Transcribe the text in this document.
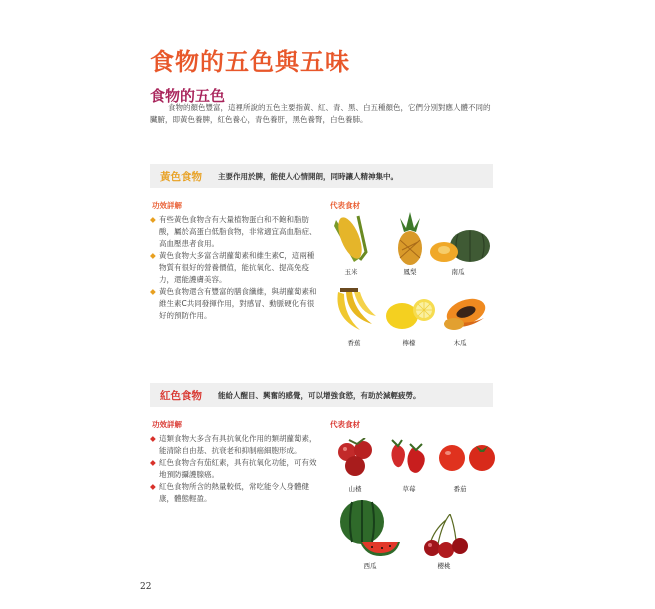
食物的五色與五味
食物的五色
食物的顏色豐富，這裡所說的五色主要指黃、紅、青、黑、白五種顏色，它們分別對應人體不同的臟腑，即黃色養脾，紅色養心，青色養肝，黑色養腎，白色養肺。
黃色食物 主要作用於脾，能使人心情開朗，同時讓人精神集中。
功效詳解	代表食材
◆ 有些黃色食物含有大量植物蛋白和不飽和脂肪酸，屬於高蛋白低脂食物，非常適宜高血脂症、高血壓患者食用。
◆ 黃色食物大多富含胡蘿蔔素和維生素C，這兩種物質有很好的營養價值，能抗氧化、提高免疫力，還能護膚美容。
◆ 黃色食物還含有豐富的膳食纖維，與胡蘿蔔素和維生素C共同發揮作用，對感冒、動脈硬化有很好的預防作用。
玉米	鳳梨	南瓜
香蕉	檸檬	木瓜
紅色食物 能給人醒目、興奮的感覺，可以增強食慾，有助於減輕疲勞。
功效詳解	代表食材
◆ 這類食物大多含有具抗氧化作用的類胡蘿蔔素，能清除自由基、抗衰老和抑制癌細胞形成。
◆ 紅色食物含有茄紅素，具有抗氧化功能，可有效地預防攝護腺癌。
◆ 紅色食物所含的熱量較低，常吃能令人身體健康，體態輕盈。
山楂	草莓	番茄
西瓜	櫻桃
22
